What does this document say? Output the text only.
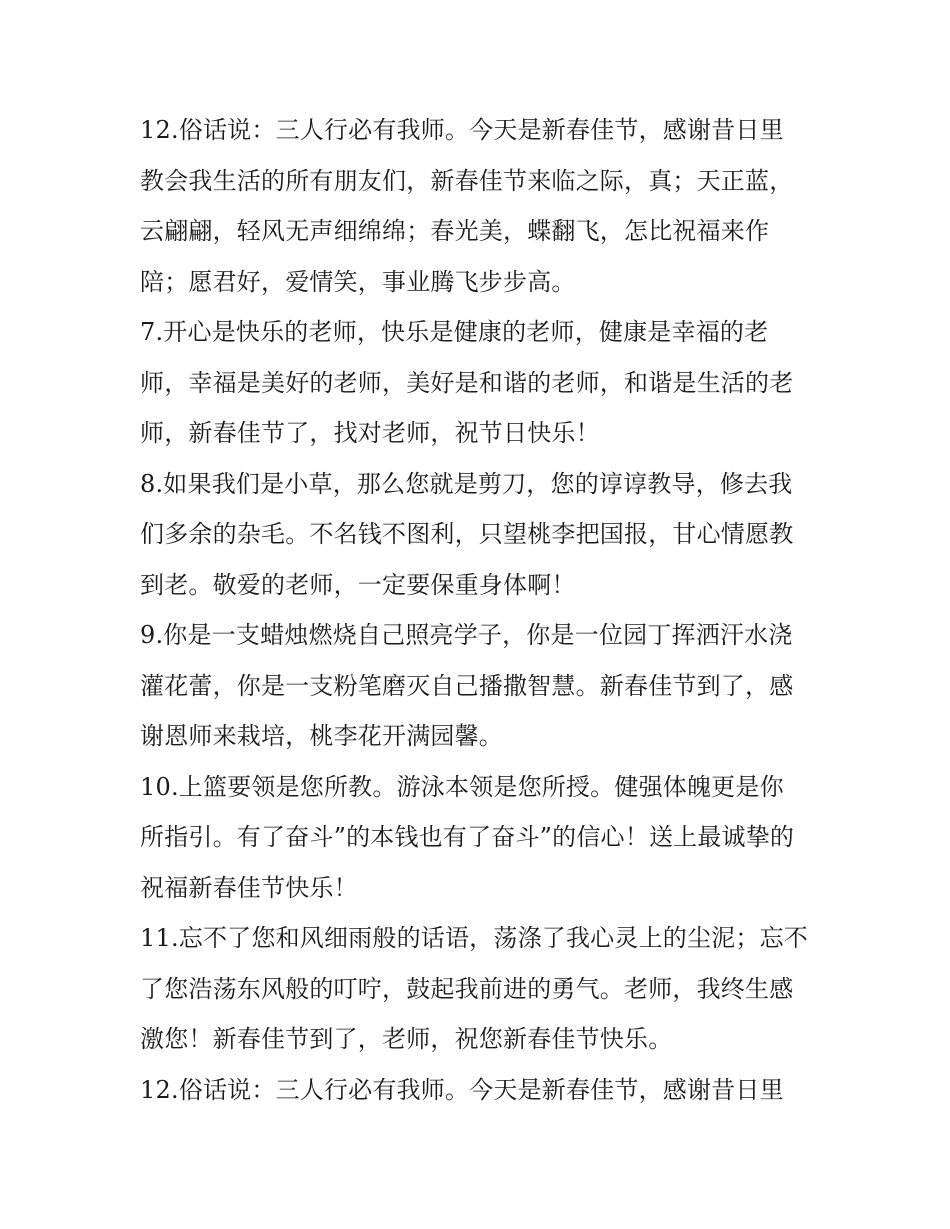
12.俗话说：三人行必有我师。今天是新春佳节，感谢昔日里
教会我生活的所有朋友们，新春佳节来临之际，真；天正蓝，
云翩翩，轻风无声细绵绵；春光美，蝶翻飞，怎比祝福来作
陪；愿君好，爱情笑，事业腾飞步步高。
7.开心是快乐的老师，快乐是健康的老师，健康是幸福的老
师，幸福是美好的老师，美好是和谐的老师，和谐是生活的老
师，新春佳节了，找对老师，祝节日快乐！
8.如果我们是小草，那么您就是剪刀，您的谆谆教导，修去我
们多余的杂毛。不名钱不图利，只望桃李把国报，甘心情愿教
到老。敬爱的老师，一定要保重身体啊！
9.你是一支蜡烛燃烧自己照亮学子，你是一位园丁挥洒汗水浇
灌花蕾，你是一支粉笔磨灭自己播撒智慧。新春佳节到了，感
谢恩师来栽培，桃李花开满园馨。
10.上篮要领是您所教。游泳本领是您所授。健强体魄更是你
所指引。有了奋斗”的本钱也有了奋斗”的信心！送上最诚挚的
祝福新春佳节快乐！
11.忘不了您和风细雨般的话语，荡涤了我心灵上的尘泥；忘不
了您浩荡东风般的叮咛，鼓起我前进的勇气。老师，我终生感
激您！新春佳节到了，老师，祝您新春佳节快乐。
12.俗话说：三人行必有我师。今天是新春佳节，感谢昔日里
